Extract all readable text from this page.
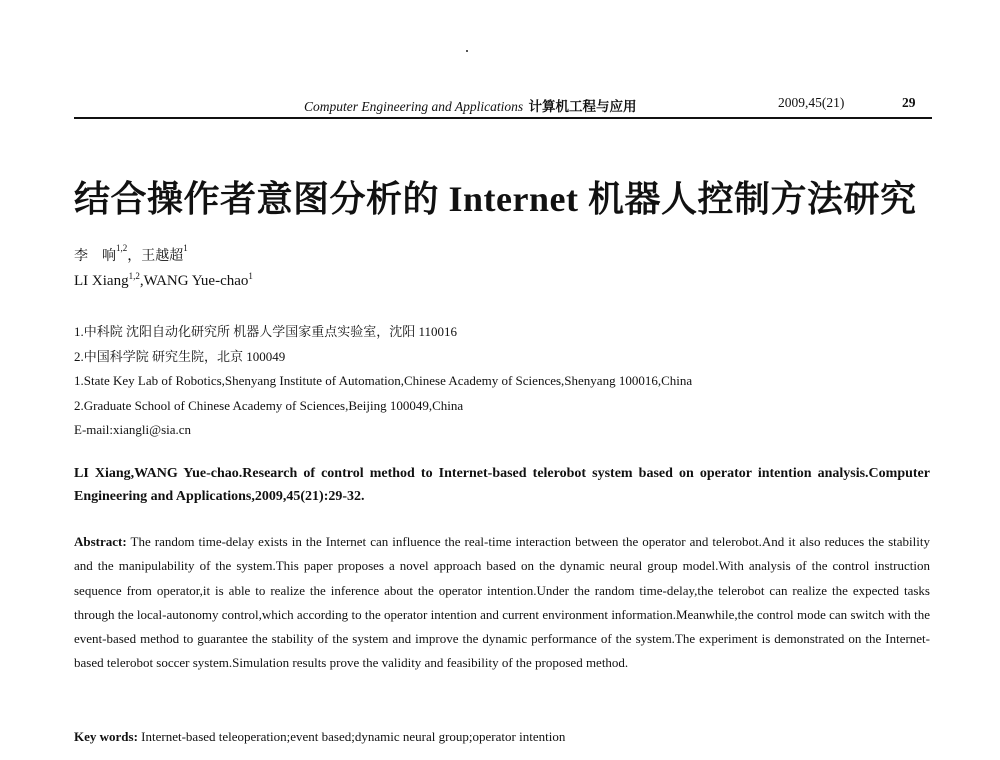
Computer Engineering and Applications 计算机工程与应用	2009,45(21)	29
结合操作者意图分析的 Internet 机器人控制方法研究
李　响$^{1,2}$，王越超$^1$
LI Xiang$^{1,2}$,WANG Yue-chao$^1$
1.中科院 沈阳自动化研究所 机器人学国家重点实验室，沈阳 110016
2.中国科学院 研究生院，北京 100049
1.State Key Lab of Robotics,Shenyang Institute of Automation,Chinese Academy of Sciences,Shenyang 100016,China
2.Graduate School of Chinese Academy of Sciences,Beijing 100049,China
E-mail:xiangli@sia.cn
LI Xiang,WANG Yue-chao.Research of control method to Internet-based telerobot system based on operator intention analysis.Computer Engineering and Applications,2009,45(21):29-32.
Abstract: The random time-delay exists in the Internet can influence the real-time interaction between the operator and telerobot.And it also reduces the stability and the manipulability of the system.This paper proposes a novel approach based on the dynamic neural group model.With analysis of the control instruction sequence from operator,it is able to realize the inference about the operator intention.Under the random time-delay,the telerobot can realize the expected tasks through the local-autonomy control,which according to the operator intention and current environment information.Meanwhile,the control mode can switch with the event-based method to guarantee the stability of the system and improve the dynamic performance of the system.The experiment is demonstrated on the Internet-based telerobot soccer system.Simulation results prove the validity and feasibility of the proposed method.
Key words: Internet-based teleoperation;event based;dynamic neural group;operator intention
